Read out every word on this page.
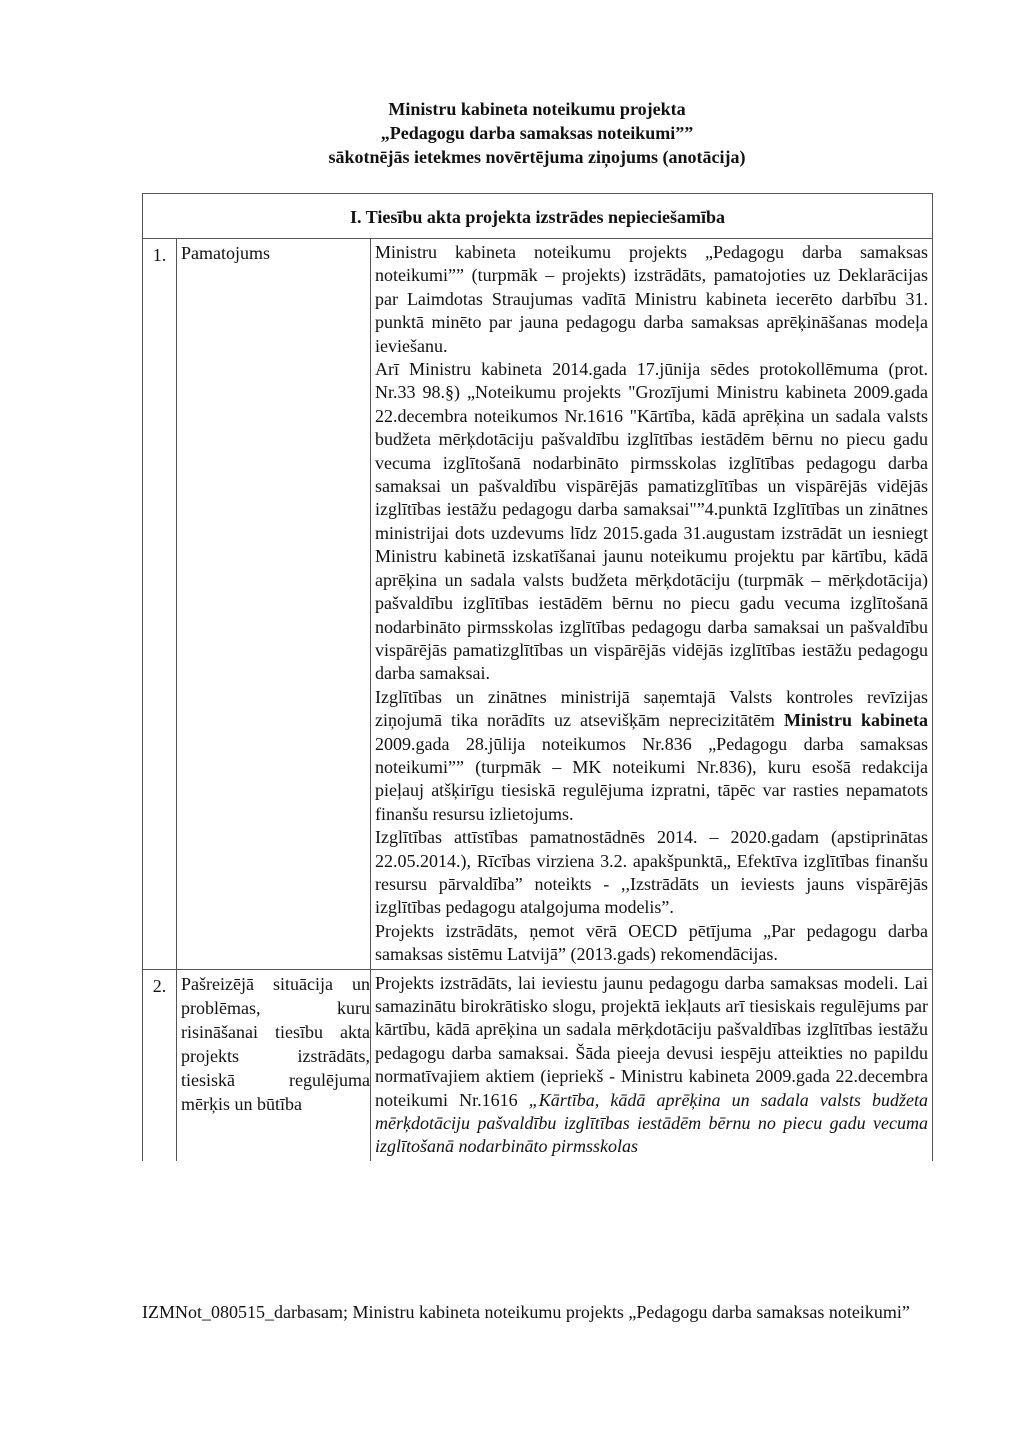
Ministru kabineta noteikumu projekta
„Pedagogu darba samaksas noteikumi””
sākotnējās ietekmes novērtējuma ziņojums (anotācija)
I. Tiesību akta projekta izstrādes nepieciešamība
1. Pamatojums	Ministru kabineta noteikumu projekts „Pedagogu darba samaksas noteikumi”” (turpmāk – projekts) izstrādāts, pamatojoties uz Deklarācijas par Laimdotas Straujumas vadītā Ministru kabineta iecerēto darbību 31. punktā minēto par jauna pedagogu darba samaksas aprēķināšanas modeļa ieviešanu.

Arī Ministru kabineta 2014.gada 17.jūnija sēdes protokollēmuma (prot. Nr.33 98.§) „Noteikumu projekts "Grozījumi Ministru kabineta 2009.gada 22.decembra noteikumos Nr.1616 "Kārtība, kādā aprēķina un sadala valsts budžeta mērķdotāciju pašvaldību izglītības iestādēm bērnu no piecu gadu vecuma izglītošanā nodarbināto pirmsskolas izglītības pedagogu darba samaksai un pašvaldību vispārējās pamatizglītības un vispārējās vidējās izglītības iestāžu pedagogu darba samaksai"”4.punktā Izglītības un zinātnes ministrijai dots uzdevums līdz 2015.gada 31.augustam izstrādāt un iesniegt Ministru kabinetā izskatīšanai jaunu noteikumu projektu par kārtību, kādā aprēķina un sadala valsts budžeta mērķdotāciju (turpmāk – mērķdotācija) pašvaldību izglītības iestādēm bērnu no piecu gadu vecuma izglītošanā nodarbināto pirmsskolas izglītības pedagogu darba samaksai un pašvaldību vispārējās pamatizglītības un vispārējās vidējās izglītības iestāžu pedagogu darba samaksai.

Izglītības un zinātnes ministrijā saņemtajā Valsts kontroles revīzijas ziņojumā tika norādīts uz atsevišķām neprecizitātēm Ministru kabineta 2009.gada 28.jūlija noteikumos Nr.836 „Pedagogu darba samaksas noteikumi”” (turpmāk – MK noteikumi Nr.836), kuru esošā redakcija pieļauj atšķirīgu tiesiskā regulējuma izpratni, tāpēc var rasties nepamatots finanšu resursu izlietojums.

Izglītības attīstības pamatnostādnēs 2014. – 2020.gadam (apstiprinātas 22.05.2014.), Rīcības virziena 3.2. apakšpunktā„ Efektīva izglītības finanšu resursu pārvaldība” noteikts - ,,Izstrādāts un ieviests jauns vispārējās izglītības pedagogu atalgojuma modelis”.

Projekts izstrādāts, ņemot vērā OECD pētījuma „Par pedagogu darba samaksas sistēmu Latvijā” (2013.gads) rekomendācijas.

2. Pašreizējā situācija un problēmas, kuru risināšanai tiesību akta projekts izstrādāts, tiesiskā regulējuma mērķis un būtība

Projekts izstrādāts, lai ieviestu jaunu pedagogu darba samaksas modeli. Lai samazinātu birokrātisko slogu, projektā iekļauts arī tiesiskais regulējums par kārtību, kādā aprēķina un sadala mērķdotāciju pašvaldības izglītības iestāžu pedagogu darba samaksai. Šāda pieeja devusi iespēju atteikties no papildu normatīvajiem aktiem (iepriekš - Ministru kabineta 2009.gada 22.decembra noteikumi Nr.1616 „Kārtība, kādā aprēķina un sadala valsts budžeta mērķdotāciju pašvaldību izglītības iestādēm bērnu no piecu gadu vecuma izglītošanā nodarbināto pirmsskolas

IZMNot_080515_darbasam; Ministru kabineta noteikumu projekts „Pedagogu darba samaksas noteikumi”
